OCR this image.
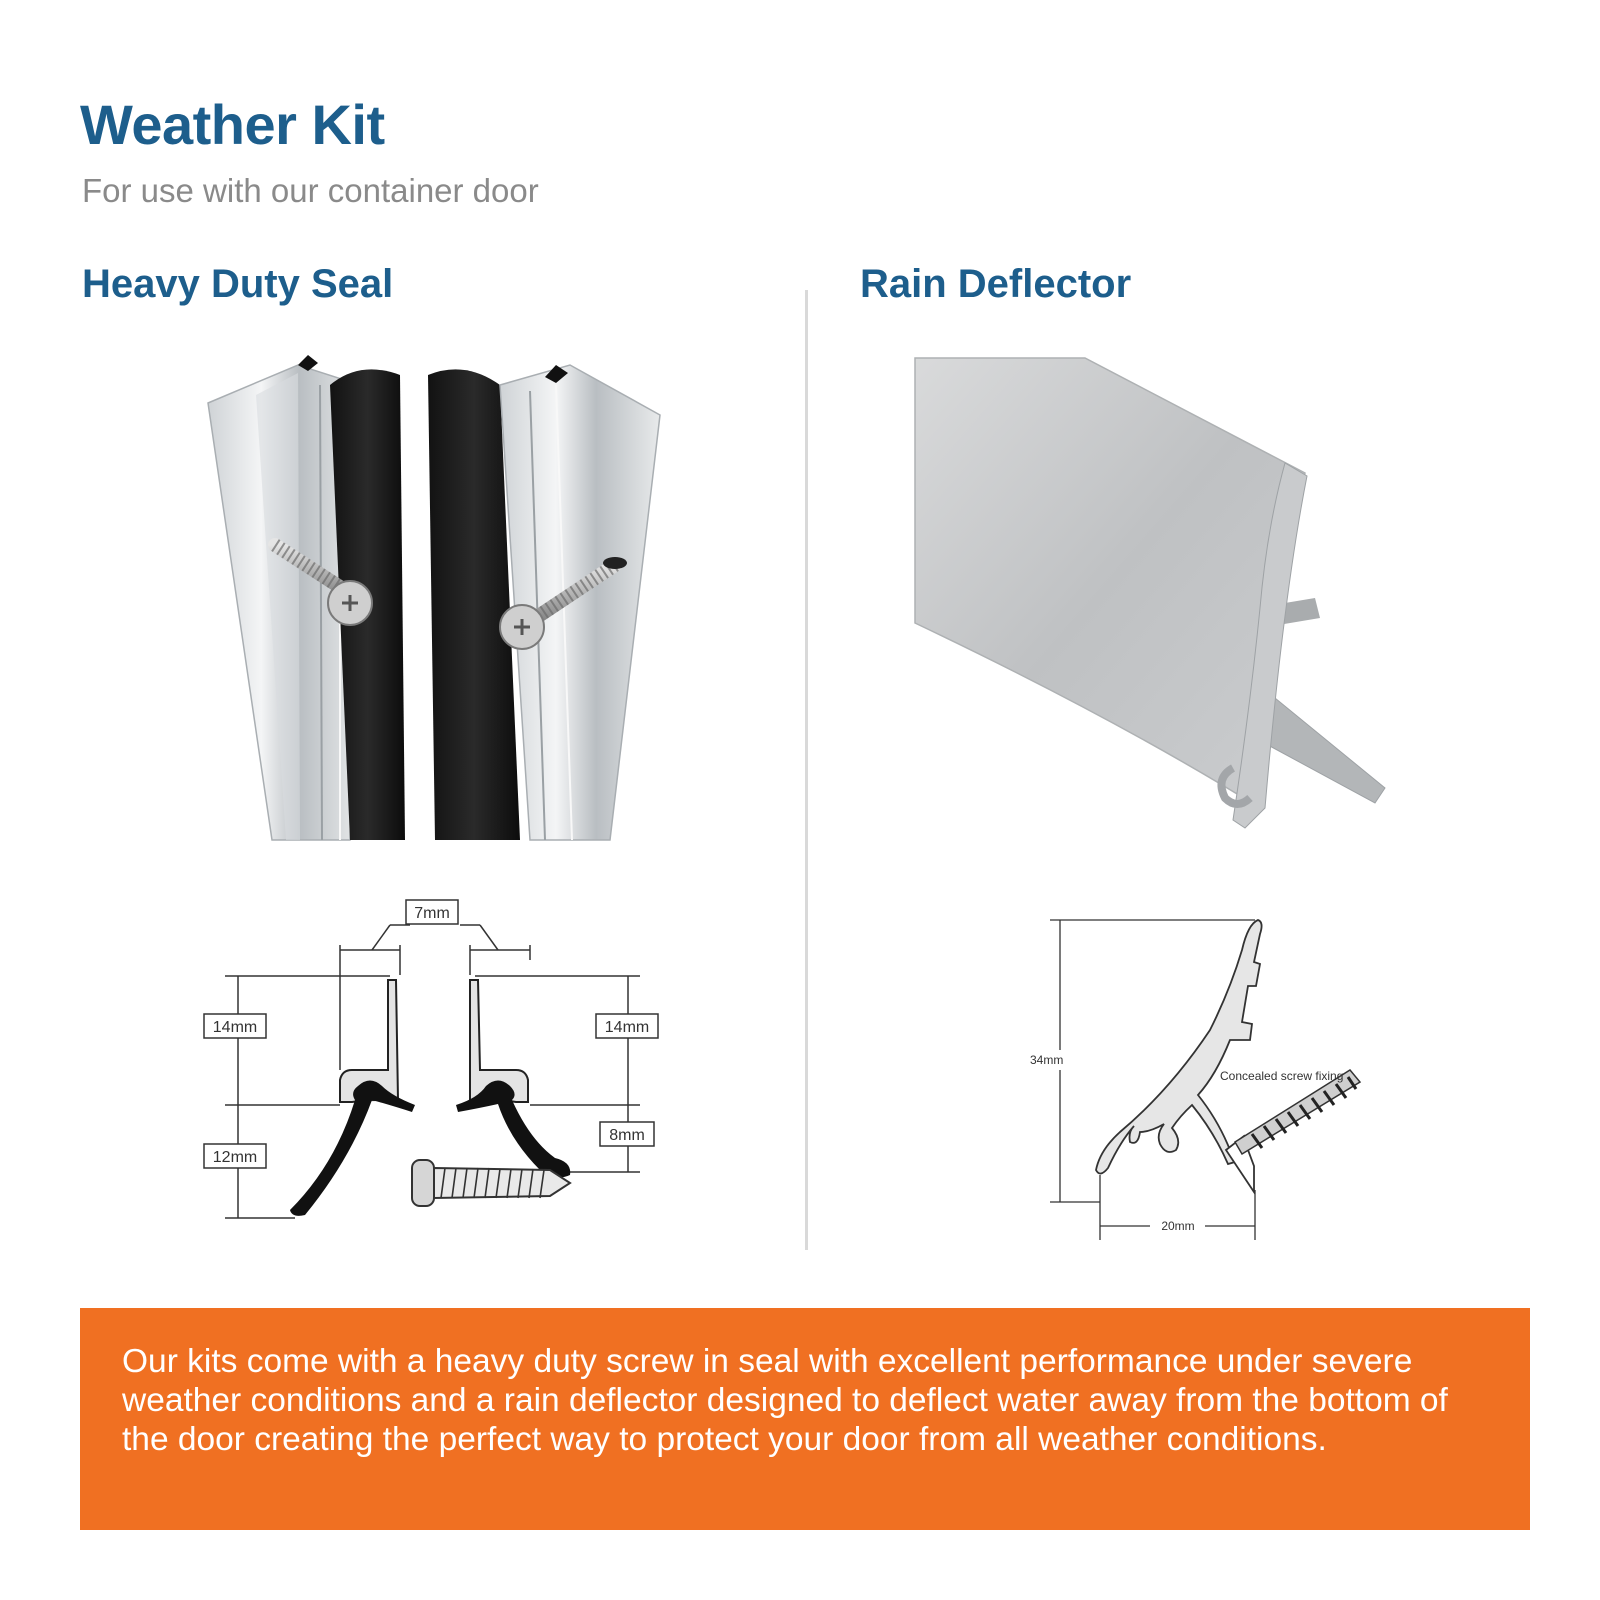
Weather Kit

For use with our container door

Heavy Duty Seal	Rain Deflector
7mm
14mm
12mm
14mm
8mm
34mm
20mm
Concealed screw fixing

Our kits come with a heavy duty screw in seal with excellent performance under severe weather conditions and a rain deflector designed to deflect water away from the bottom of the door creating the perfect way to protect your door from all weather conditions.
